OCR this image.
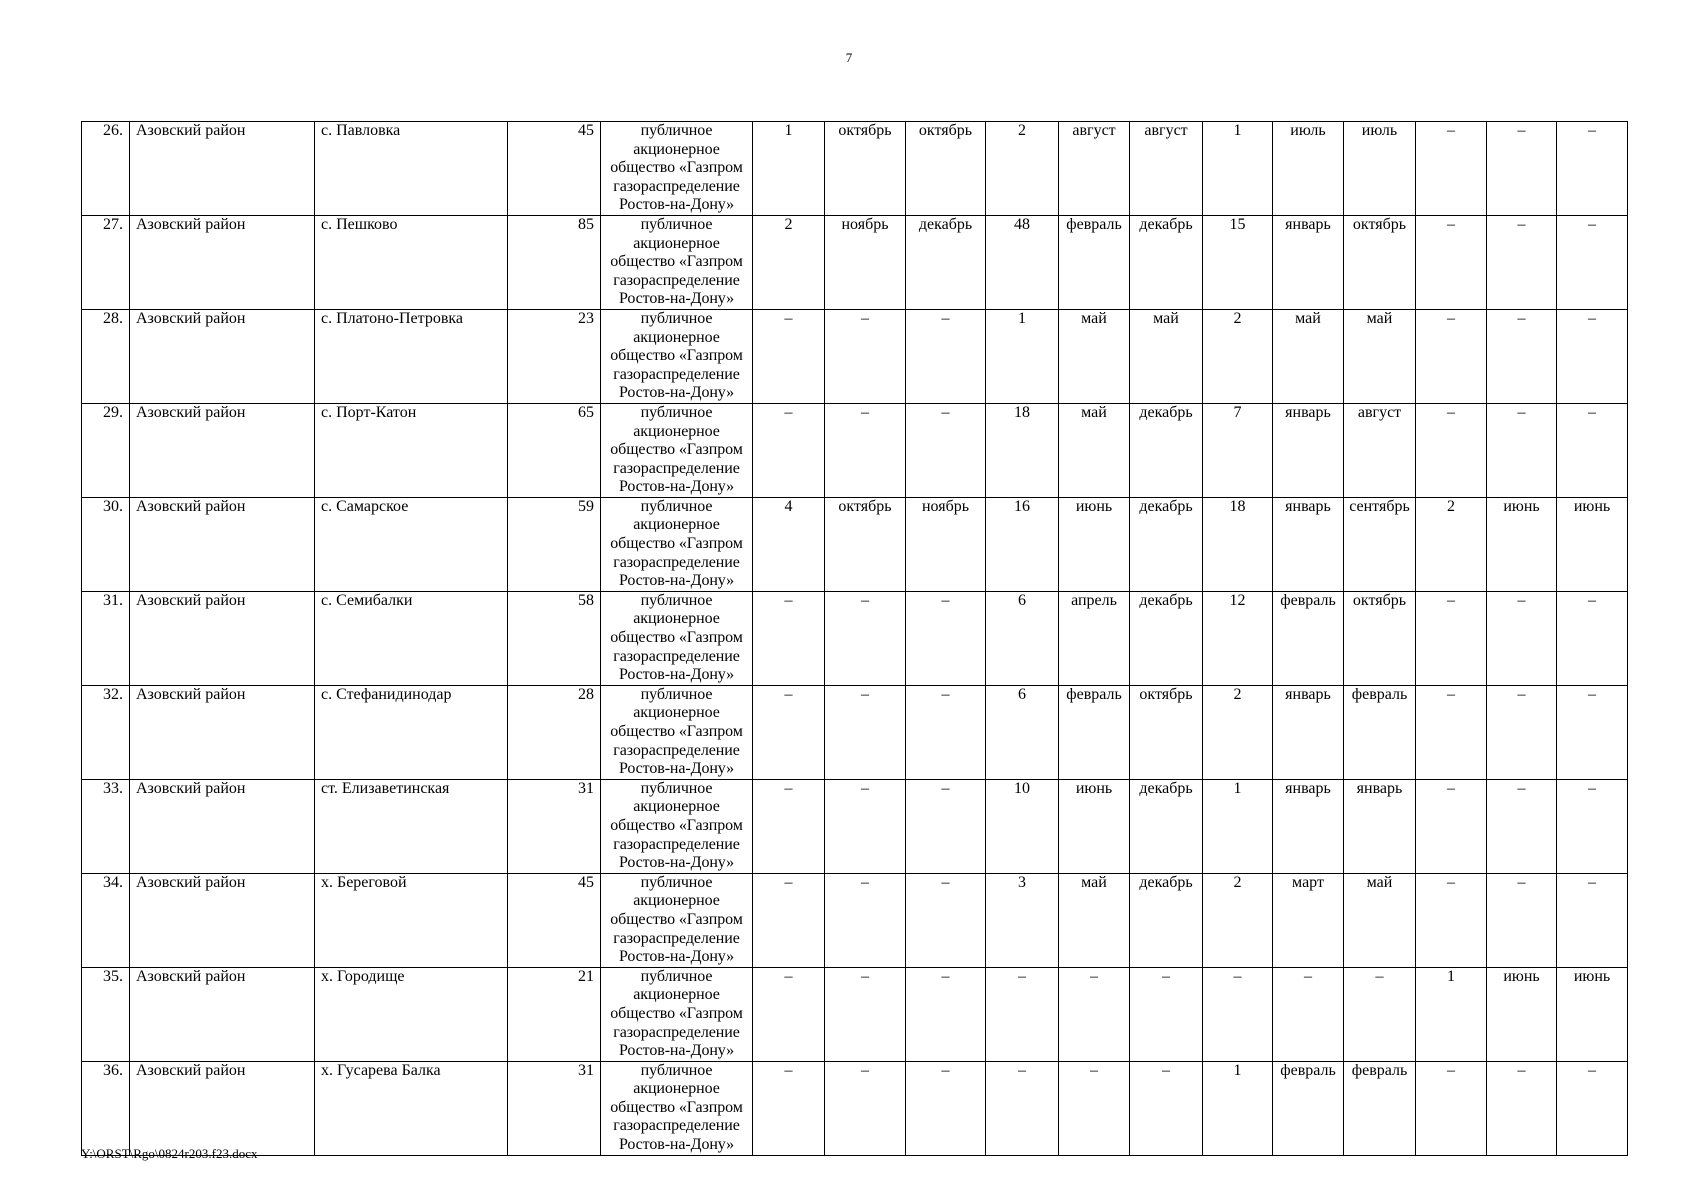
7
26.	Азовский район	с. Павловка	45	публичное акционерное общество «Газпром газораспределение Ростов-на-Дону»	1	октябрь	октябрь	2	август	август	1	июль	июль	–	–	–
27.	Азовский район	с. Пешково	85	публичное акционерное общество «Газпром газораспределение Ростов-на-Дону»	2	ноябрь	декабрь	48	февраль	декабрь	15	январь	октябрь	–	–	–
28.	Азовский район	с. Платоно-Петровка	23	публичное акционерное общество «Газпром газораспределение Ростов-на-Дону»	–	–	–	1	май	май	2	май	май	–	–	–
29.	Азовский район	с. Порт-Катон	65	публичное акционерное общество «Газпром газораспределение Ростов-на-Дону»	–	–	–	18	май	декабрь	7	январь	август	–	–	–
30.	Азовский район	с. Самарское	59	публичное акционерное общество «Газпром газораспределение Ростов-на-Дону»	4	октябрь	ноябрь	16	июнь	декабрь	18	январь	сентябрь	2	июнь	июнь
31.	Азовский район	с. Семибалки	58	публичное акционерное общество «Газпром газораспределение Ростов-на-Дону»	–	–	–	6	апрель	декабрь	12	февраль	октябрь	–	–	–
32.	Азовский район	с. Стефанидинодар	28	публичное акционерное общество «Газпром газораспределение Ростов-на-Дону»	–	–	–	6	февраль	октябрь	2	январь	февраль	–	–	–
33.	Азовский район	ст. Елизаветинская	31	публичное акционерное общество «Газпром газораспределение Ростов-на-Дону»	–	–	–	10	июнь	декабрь	1	январь	январь	–	–	–
34.	Азовский район	х. Береговой	45	публичное акционерное общество «Газпром газораспределение Ростов-на-Дону»	–	–	–	3	май	декабрь	2	март	май	–	–	–
35.	Азовский район	х. Городище	21	публичное акционерное общество «Газпром газораспределение Ростов-на-Дону»	–	–	–	–	–	–	–	–	–	1	июнь	июнь
36.	Азовский район	х. Гусарева Балка	31	публичное акционерное общество «Газпром газораспределение Ростов-на-Дону»	–	–	–	–	–	–	1	февраль	февраль	–	–	–
Y:\ORST\Rgo\0824r203.f23.docx
